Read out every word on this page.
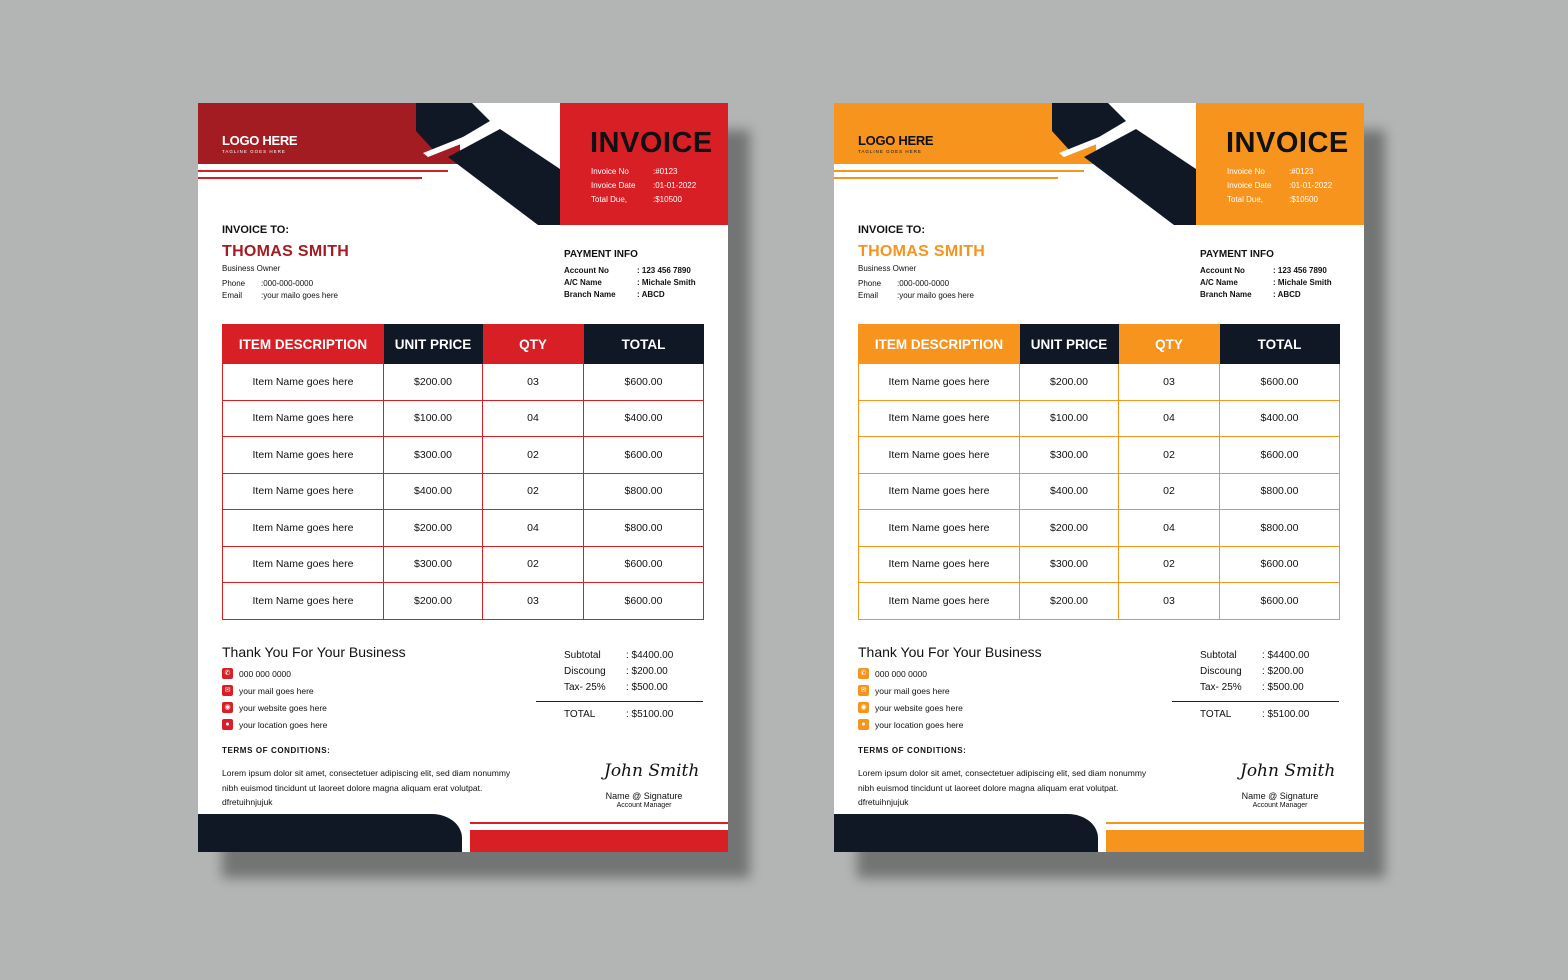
LOGO HERE
TAGLINE GOES HERE	INVOICE
Invoice No	:#0123
Invoice Date :01-01-2022
Total Due,	:$10500
INVOICE TO:
THOMAS SMITH
Business Owner
Phone :000-000-0000
Email :your mailo goes here
PAYMENT INFO
Account No	: 123 456 7890
A/C Name	: Michale Smith
Branch Name	: ABCD
ITEM DESCRIPTION	UNIT PRICE	QTY	TOTAL
Item Name goes here	$200.00	03	$600.00
Item Name goes here	$100.00	04	$400.00
Item Name goes here	$300.00	02	$600.00
Item Name goes here	$400.00	02	$800.00
Item Name goes here	$200.00	04	$800.00
Item Name goes here	$300.00	02	$600.00
Item Name goes here	$200.00	03	$600.00
Thank You For Your Business
✆	000 000 0000
✉	your mail goes here
◉ your website goes here
●	your location goes here
Subtotal	: $4400.00
Discoung : $200.00
Tax- 25% : $500.00
TOTAL	: $5100.00
TERMS OF CONDITIONS:
Lorem ipsum dolor sit amet, consectetuer adipiscing elit, sed diam nonummy nibh euismod tincidunt ut laoreet dolore magna aliquam erat volutpat. dfretuihnjujuk
John Smith
Name @ Signature
Account Manager
LOGO HERE
TAGLINE GOES HERE	INVOICE
Invoice No	:#0123
Invoice Date :01-01-2022
Total Due,	:$10500
INVOICE TO:
THOMAS SMITH
Business Owner
Phone :000-000-0000
Email :your mailo goes here
PAYMENT INFO
Account No	: 123 456 7890
A/C Name	: Michale Smith
Branch Name	: ABCD
ITEM DESCRIPTION	UNIT PRICE	QTY	TOTAL
Item Name goes here	$200.00	03	$600.00
Item Name goes here	$100.00	04	$400.00
Item Name goes here	$300.00	02	$600.00
Item Name goes here	$400.00	02	$800.00
Item Name goes here	$200.00	04	$800.00
Item Name goes here	$300.00	02	$600.00
Item Name goes here	$200.00	03	$600.00
Thank You For Your Business
✆	000 000 0000
✉	your mail goes here
◉ your website goes here
●	your location goes here
Subtotal	: $4400.00
Discoung : $200.00
Tax- 25% : $500.00
TOTAL	: $5100.00
TERMS OF CONDITIONS:
Lorem ipsum dolor sit amet, consectetuer adipiscing elit, sed diam nonummy nibh euismod tincidunt ut laoreet dolore magna aliquam erat volutpat. dfretuihnjujuk
John Smith
Name @ Signature
Account Manager
